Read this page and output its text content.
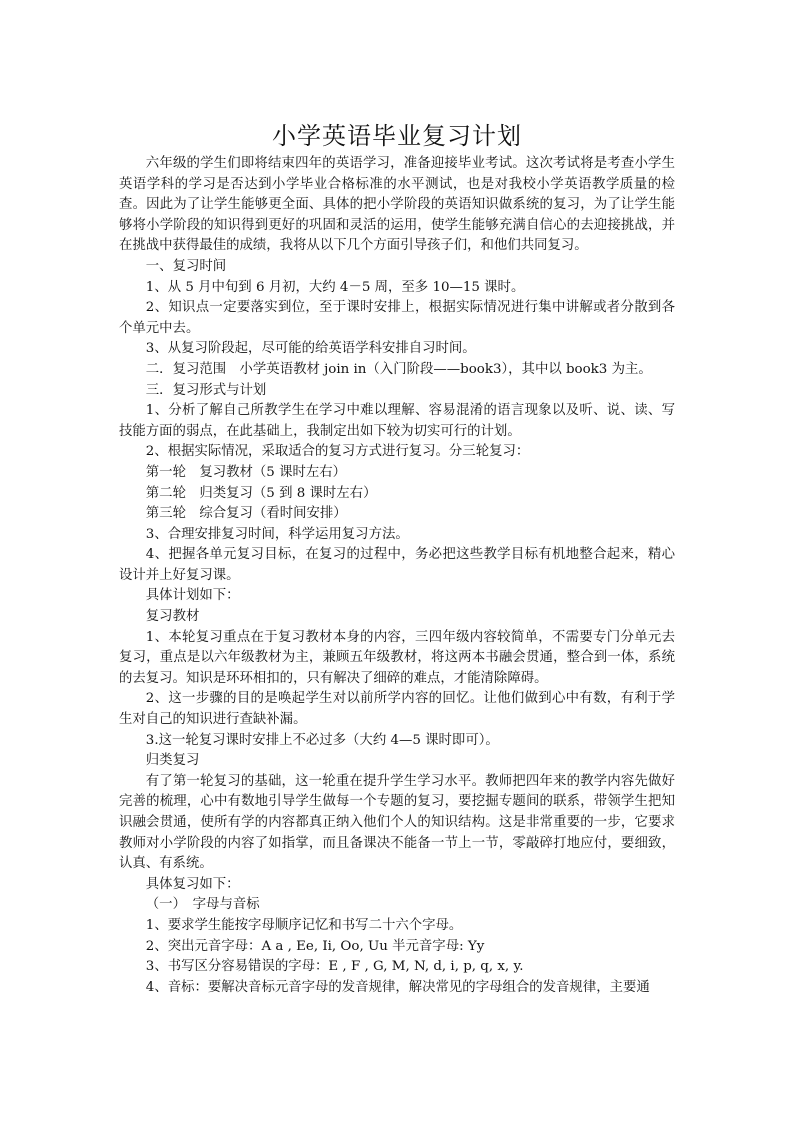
小学英语毕业复习计划

六年级的学生们即将结束四年的英语学习，准备迎接毕业考试。这次考试将是考查小学生英语学科的学习是否达到小学毕业合格标准的水平测试，也是对我校小学英语教学质量的检查。因此为了让学生能够更全面、具体的把小学阶段的英语知识做系统的复习，为了让学生能够将小学阶段的知识得到更好的巩固和灵活的运用，使学生能够充满自信心的去迎接挑战，并在挑战中获得最佳的成绩，我将从以下几个方面引导孩子们，和他们共同复习。

一、复习时间

1、从 5 月中旬到 6 月初，大约 4－5 周，至多 10—15 课时。

2、知识点一定要落实到位，至于课时安排上，根据实际情况进行集中讲解或者分散到各个单元中去。

3、从复习阶段起，尽可能的给英语学科安排自习时间。

二．复习范围　小学英语教材 join in（入门阶段——book3），其中以 book3 为主。

三．复习形式与计划

1、分析了解自己所教学生在学习中难以理解、容易混淆的语言现象以及听、说、读、写技能方面的弱点，在此基础上，我制定出如下较为切实可行的计划。

2、根据实际情况，采取适合的复习方式进行复习。分三轮复习：

第一轮　复习教材（5 课时左右）

第二轮　归类复习（5 到 8 课时左右）

第三轮　综合复习（看时间安排）

3、合理安排复习时间，科学运用复习方法。

4、把握各单元复习目标，在复习的过程中，务必把这些教学目标有机地整合起来，精心设计并上好复习课。

具体计划如下：

复习教材

1、本轮复习重点在于复习教材本身的内容，三四年级内容较简单，不需要专门分单元去复习，重点是以六年级教材为主，兼顾五年级教材，将这两本书融会贯通，整合到一体，系统的去复习。知识是环环相扣的，只有解决了细碎的难点，才能清除障碍。

2、这一步骤的目的是唤起学生对以前所学内容的回忆。让他们做到心中有数，有利于学生对自己的知识进行查缺补漏。

3.这一轮复习课时安排上不必过多（大约 4—5 课时即可）。

归类复习

有了第一轮复习的基础，这一轮重在提升学生学习水平。教师把四年来的教学内容先做好完善的梳理，心中有数地引导学生做每一个专题的复习，要挖掘专题间的联系，带领学生把知识融会贯通，使所有学的内容都真正纳入他们个人的知识结构。这是非常重要的一步，它要求教师对小学阶段的内容了如指掌，而且备课决不能备一节上一节，零敲碎打地应付，要细致，认真、有系统。

具体复习如下：

（一）　字母与音标

1、要求学生能按字母顺序记忆和书写二十六个字母。

2、突出元音字母：A a , Ee, Ii, Oo, Uu 半元音字母: Yy

3、书写区分容易错误的字母：E , F , G, M, N, d, i, p, q, x, y.

4、音标：要解决音标元音字母的发音规律，解决常见的字母组合的发音规律，主要通
